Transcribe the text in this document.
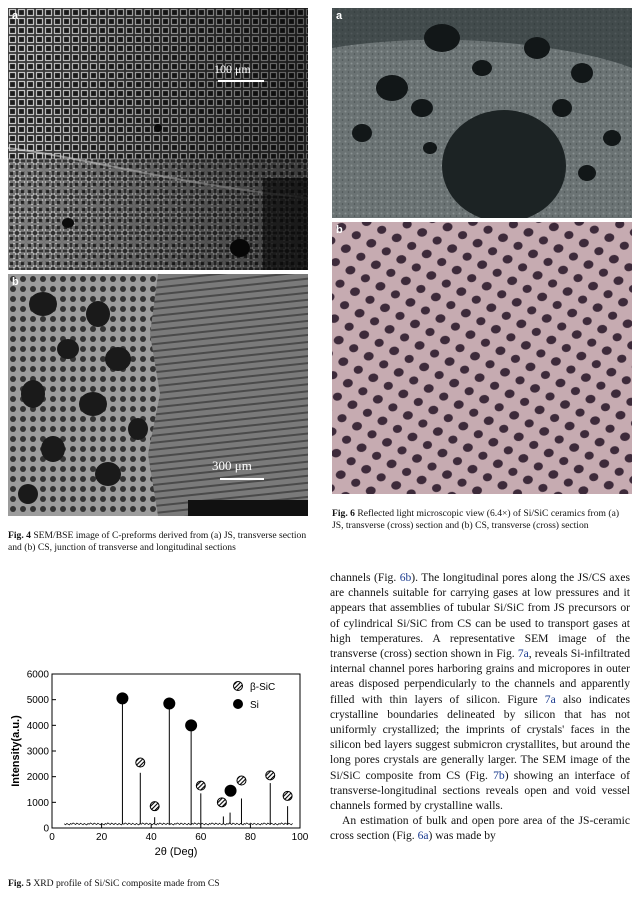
a
100 μm
b
300 μm
Fig. 4 SEM/BSE image of C-preforms derived from (a) JS, transverse section and (b) CS, junction of transverse and longitudinal sections
a
b
Fig. 6 Reflected light microscopic view (6.4×) of Si/SiC ceramics from (a) JS, transverse (cross) section and (b) CS, transverse (cross) section
0
1000
2000
3000
4000
5000
6000
0	20	40	60	80	100
2θ (Deg)
Intensity(a.u.)
β-SiC
Si
Fig. 5 XRD profile of Si/SiC composite made from CS

channels (Fig. 6b). The longitudinal pores along the JS/CS axes are channels suitable for carrying gases at low pressures and it appears that assemblies of tubular Si/SiC from JS precursors or of cylindrical Si/SiC from CS can be used to transport gases at high temperatures. A representative SEM image of the transverse (cross) section shown in Fig. 7a, reveals Si-infiltrated internal channel pores harboring grains and micropores in outer areas disposed perpendicularly to the channels and apparently filled with thin layers of silicon. Figure 7a also indicates crystalline boundaries delineated by silicon that has not uniformly crystallized; the imprints of crystals' faces in the silicon bed layers suggest submicron crystallites, but around the long pores crystals are generally larger. The SEM image of the Si/SiC composite from CS (Fig. 7b) showing an interface of transverse-longitudinal sections reveals open and void vessel channels formed by crystalline walls.

An estimation of bulk and open pore area of the JS-ceramic cross section (Fig. 6a) was made by
